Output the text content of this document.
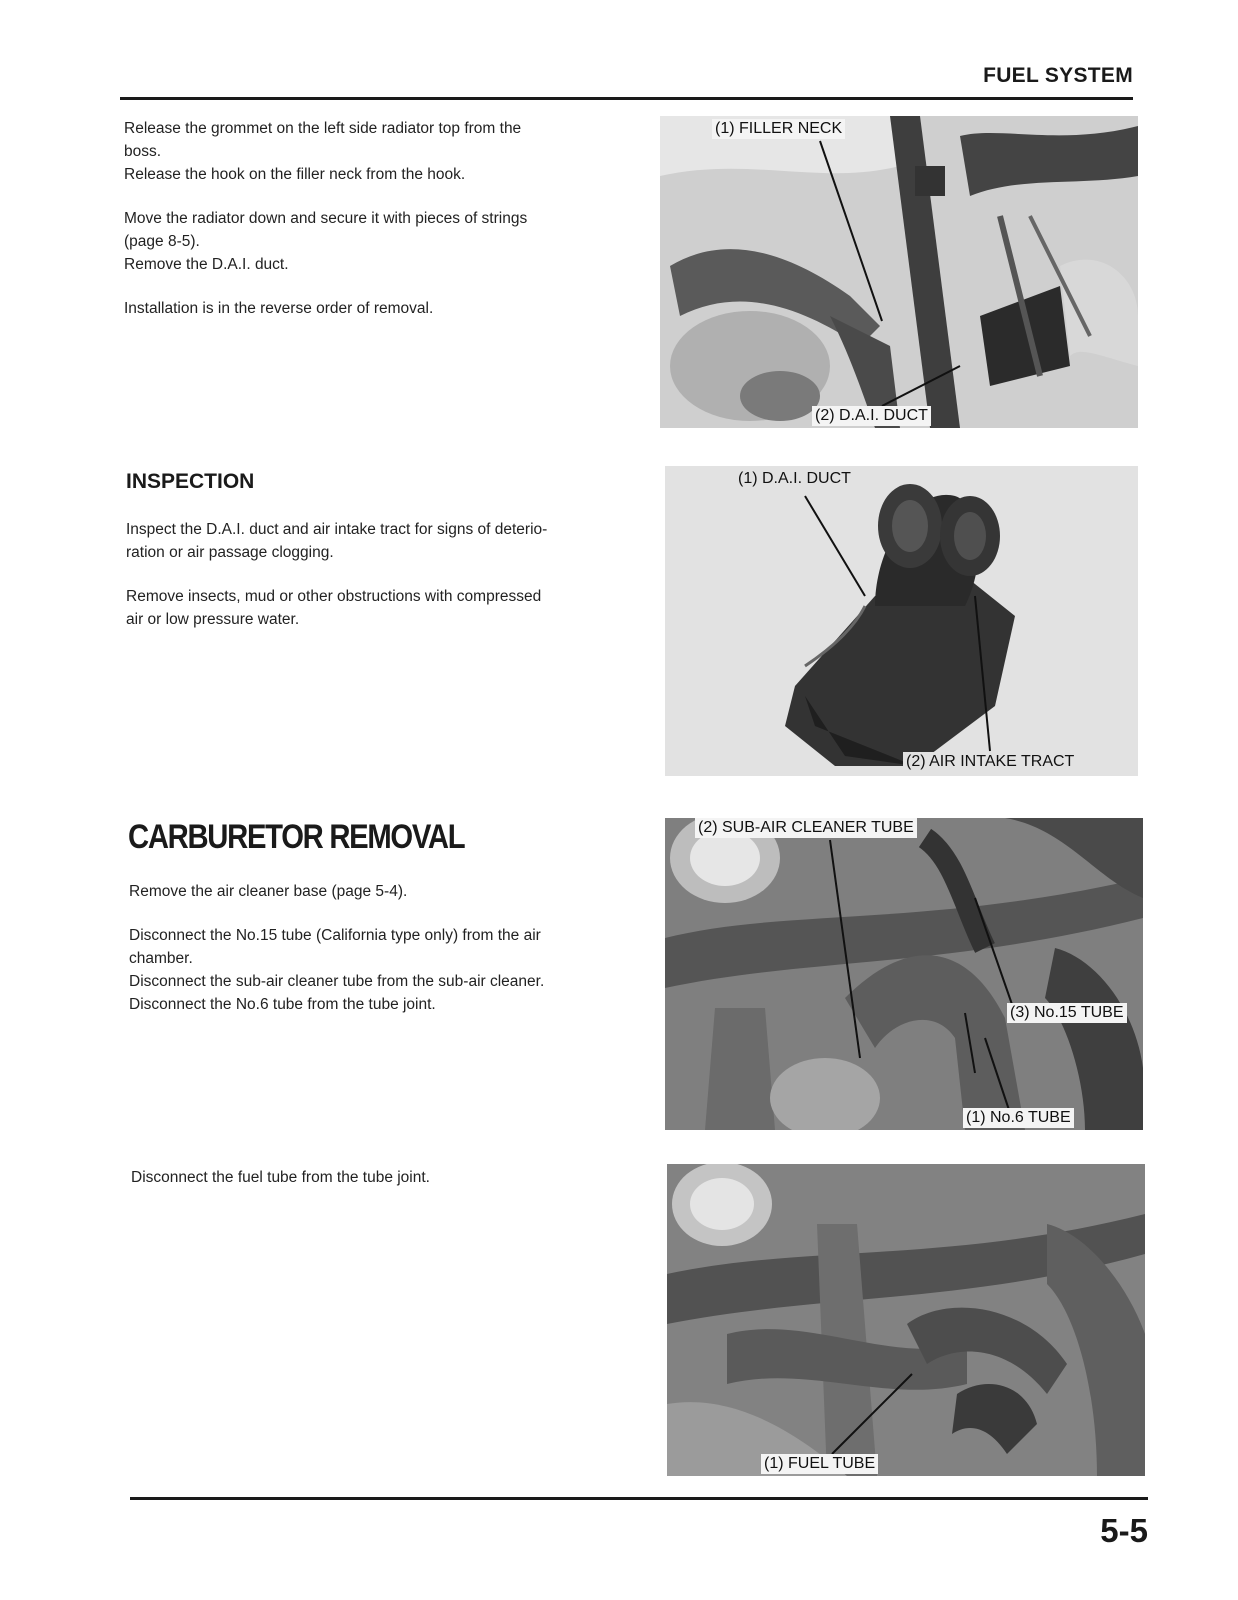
FUEL SYSTEM

Release the grommet on the left side radiator top from the

boss.

Release the hook on the filler neck from the hook.

Move the radiator down and secure it with pieces of strings

(page 8-5).

Remove the D.A.I. duct.

Installation is in the reverse order of removal.

INSPECTION

Inspect the D.A.I. duct and air intake tract for signs of deterio-

ration or air passage clogging.

Remove insects, mud or other obstructions with compressed

air or low pressure water.

CARBURETOR REMOVAL

Remove the air cleaner base (page 5-4).

Disconnect the No.15 tube (California type only) from the air

chamber.

Disconnect the sub-air cleaner tube from the sub-air cleaner.

Disconnect the No.6 tube from the tube joint.

Disconnect the fuel tube from the tube joint.

(1) FILLER NECK
(2) D.A.I. DUCT
(1) D.A.I. DUCT
(2) AIR INTAKE TRACT
(2) SUB-AIR CLEANER TUBE
(3) No.15 TUBE
(1) No.6 TUBE
(1) FUEL TUBE
5-5
